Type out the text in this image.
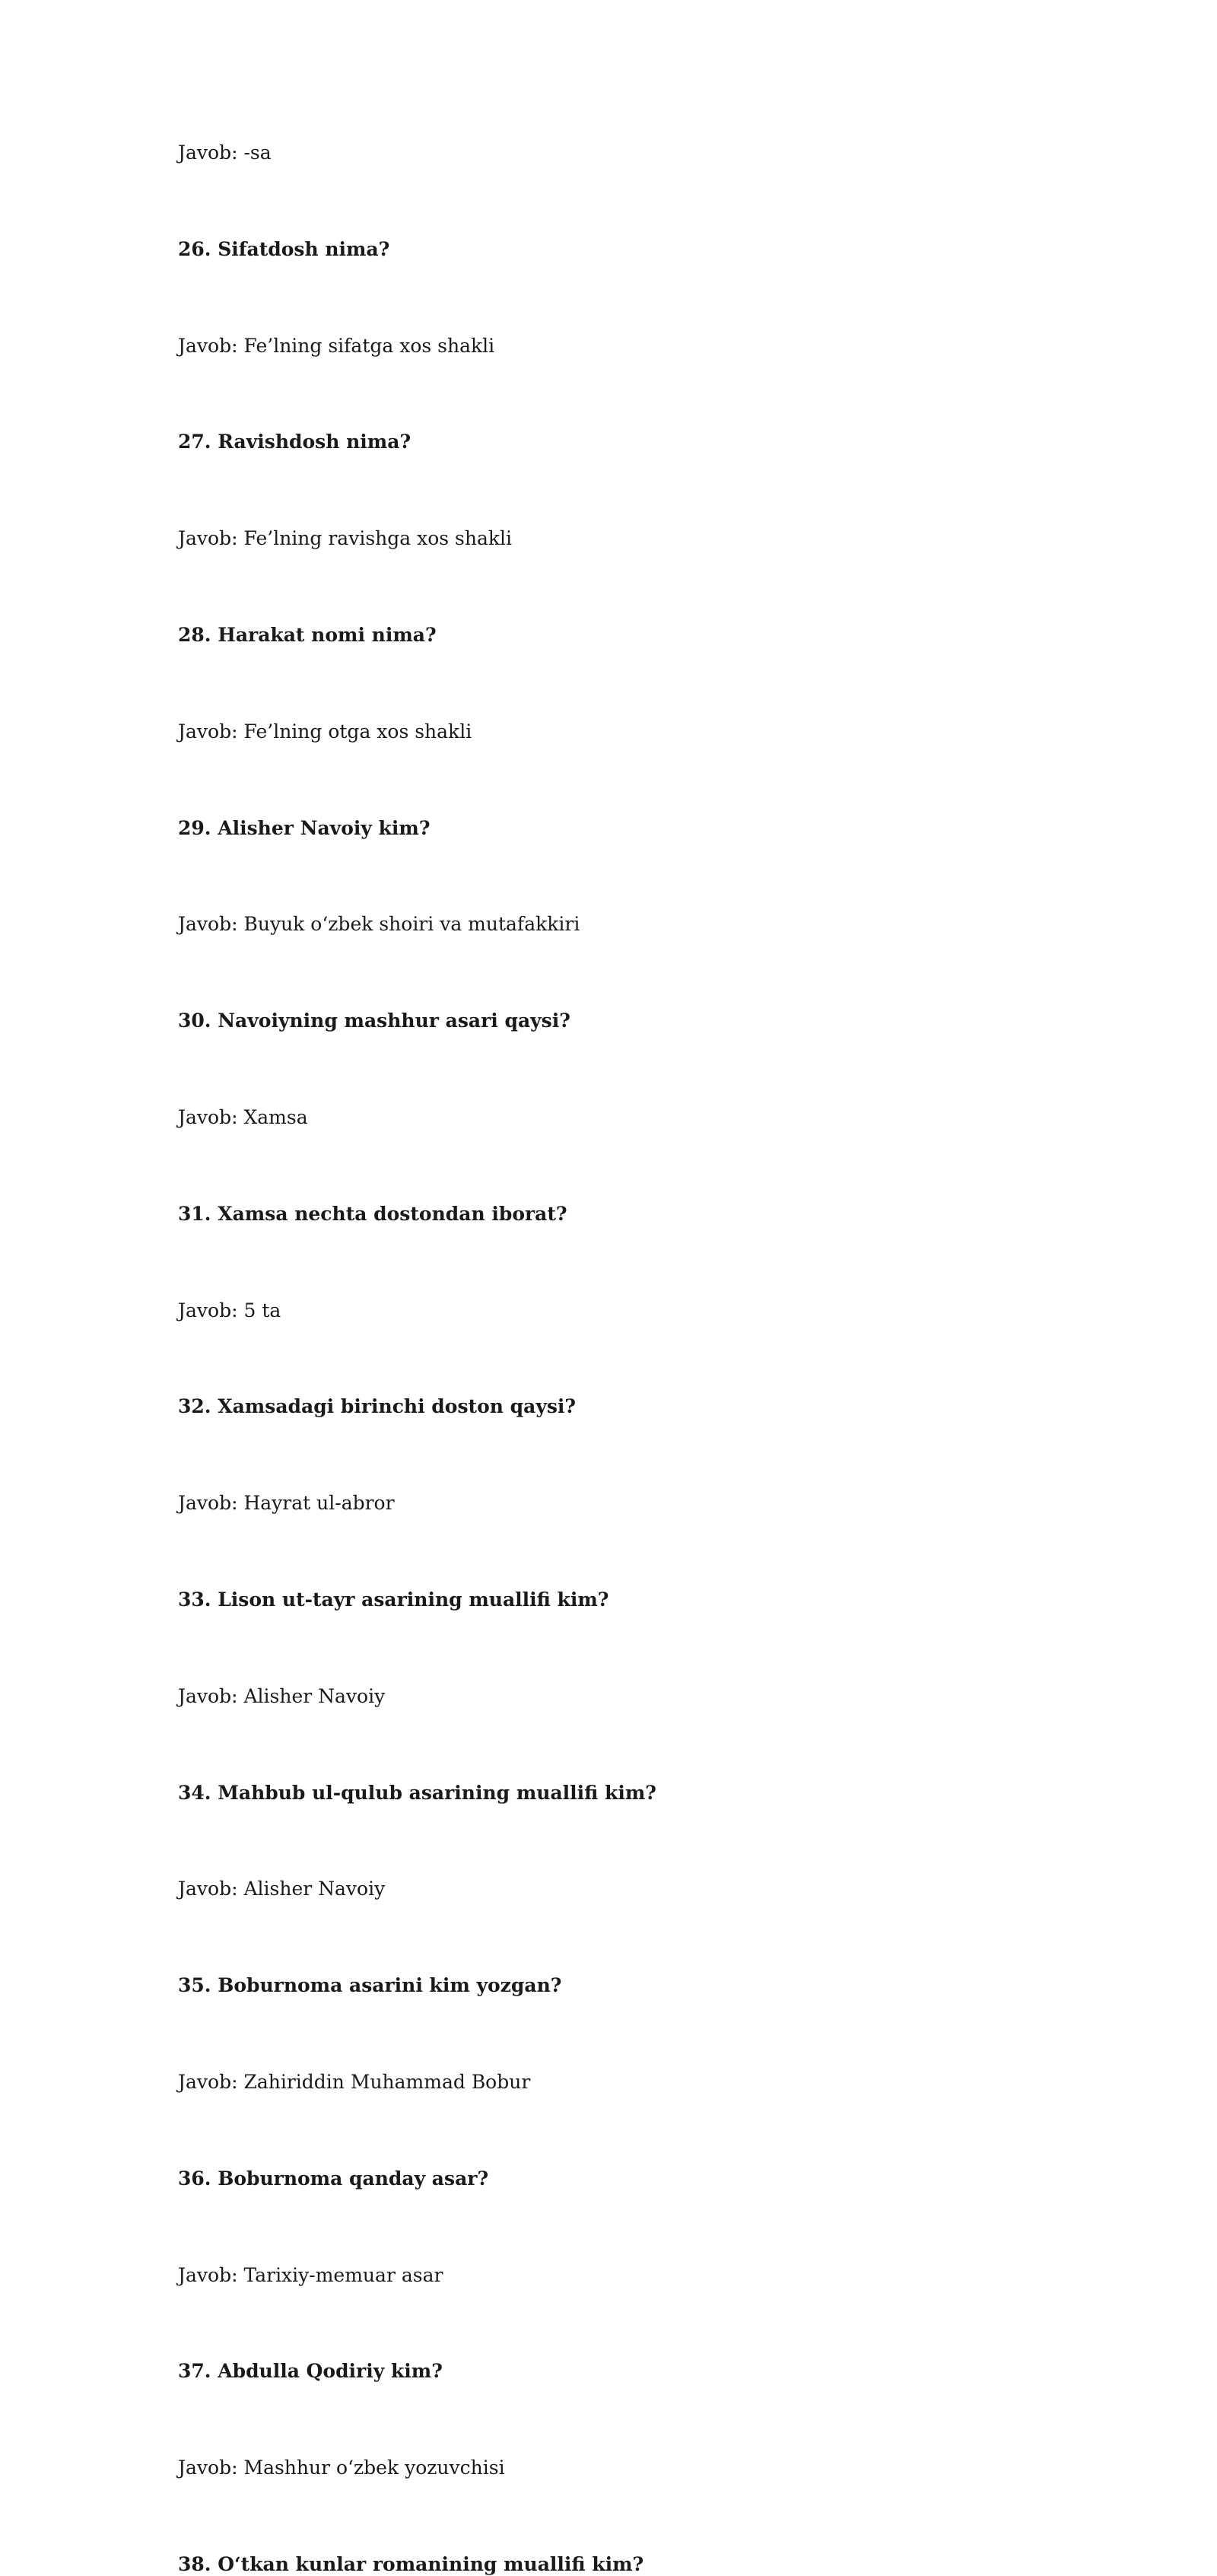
Javob: -sa

26. Sifatdosh nima?

Javob: Fe’lning sifatga xos shakli

27. Ravishdosh nima?

Javob: Fe’lning ravishga xos shakli

28. Harakat nomi nima?

Javob: Fe’lning otga xos shakli

29. Alisher Navoiy kim?

Javob: Buyuk o‘zbek shoiri va mutafakkiri

30. Navoiyning mashhur asari qaysi?

Javob: Xamsa

31. Xamsa nechta dostondan iborat?

Javob: 5 ta

32. Xamsadagi birinchi doston qaysi?

Javob: Hayrat ul-abror

33. Lison ut-tayr asarining muallifi kim?

Javob: Alisher Navoiy

34. Mahbub ul-qulub asarining muallifi kim?

Javob: Alisher Navoiy

35. Boburnoma asarini kim yozgan?

Javob: Zahiriddin Muhammad Bobur

36. Boburnoma qanday asar?

Javob: Tarixiy-memuar asar

37. Abdulla Qodiriy kim?

Javob: Mashhur o‘zbek yozuvchisi

38. O‘tkan kunlar romanining muallifi kim?
